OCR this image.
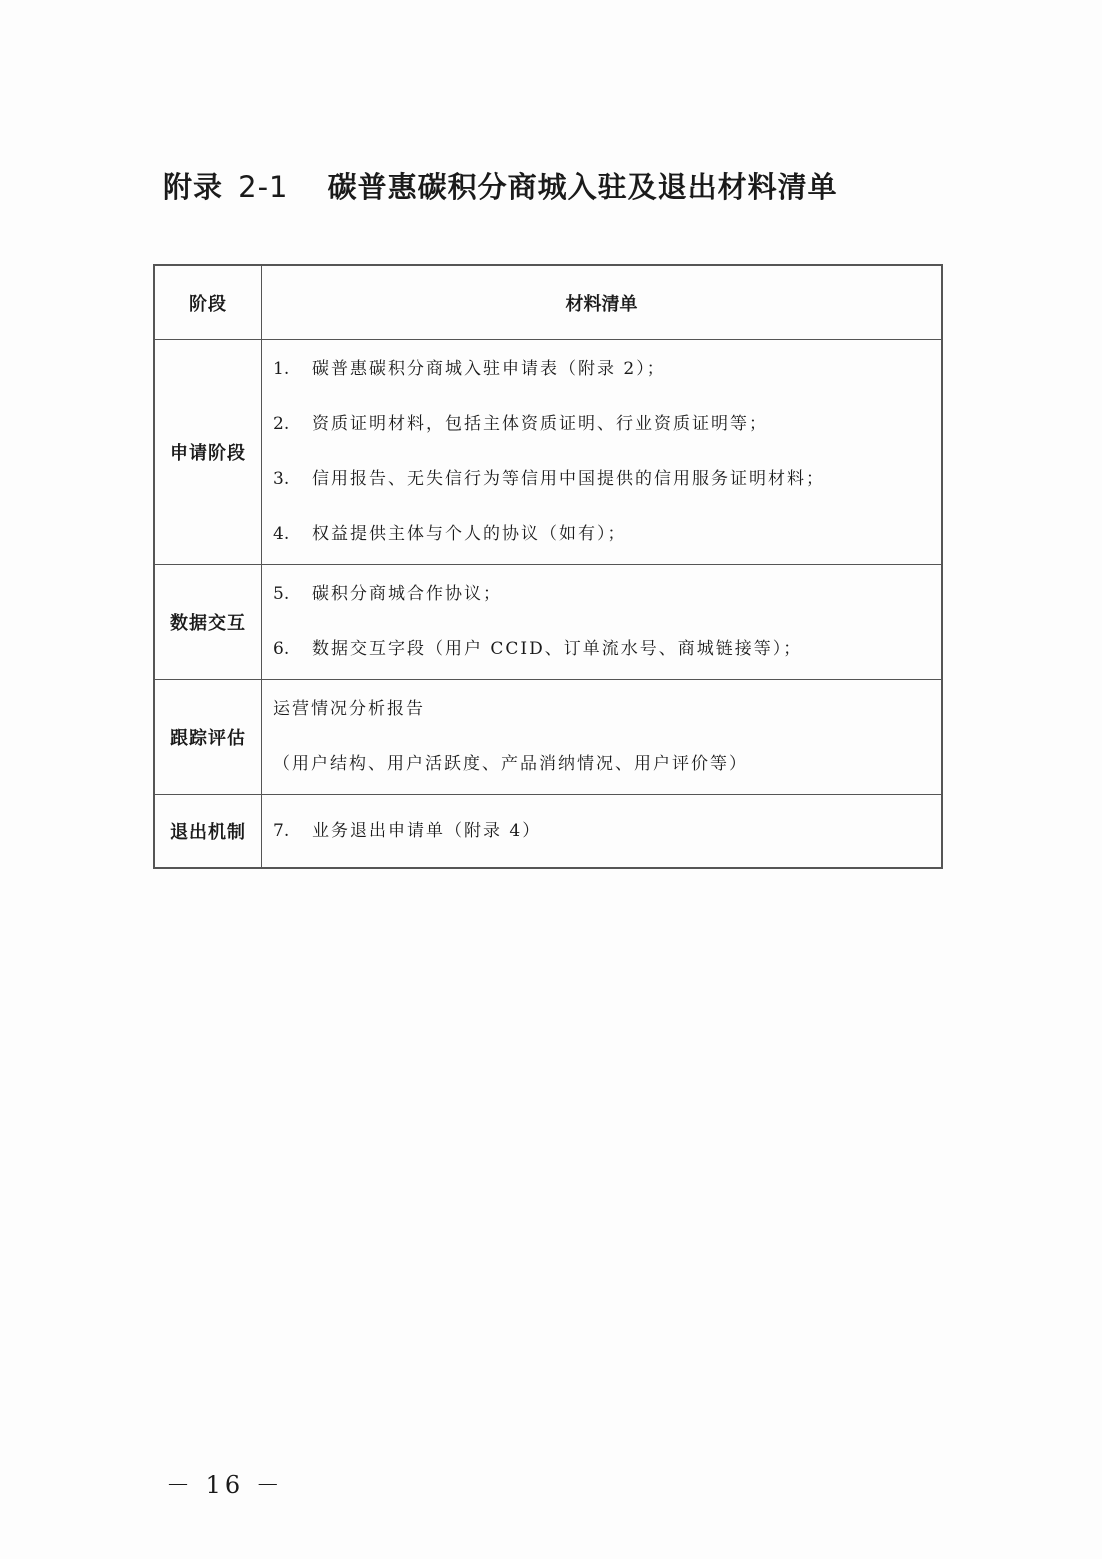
附录 2-1 碳普惠碳积分商城入驻及退出材料清单
阶段	材料清单
申请阶段	1. 碳普惠碳积分商城入驻申请表（附录 2）；
2. 资质证明材料，包括主体资质证明、行业资质证明等；
3. 信用报告、无失信行为等信用中国提供的信用服务证明材料；
4. 权益提供主体与个人的协议（如有）；

数据交互	5. 碳积分商城合作协议；
6. 数据交互字段（用户 CCID、订单流水号、商城链接等）；

跟踪评估	运营情况分析报告
（用户结构、用户活跃度、产品消纳情况、用户评价等）

退出机制	7. 业务退出申请单（附录 4）
－ 16 －
